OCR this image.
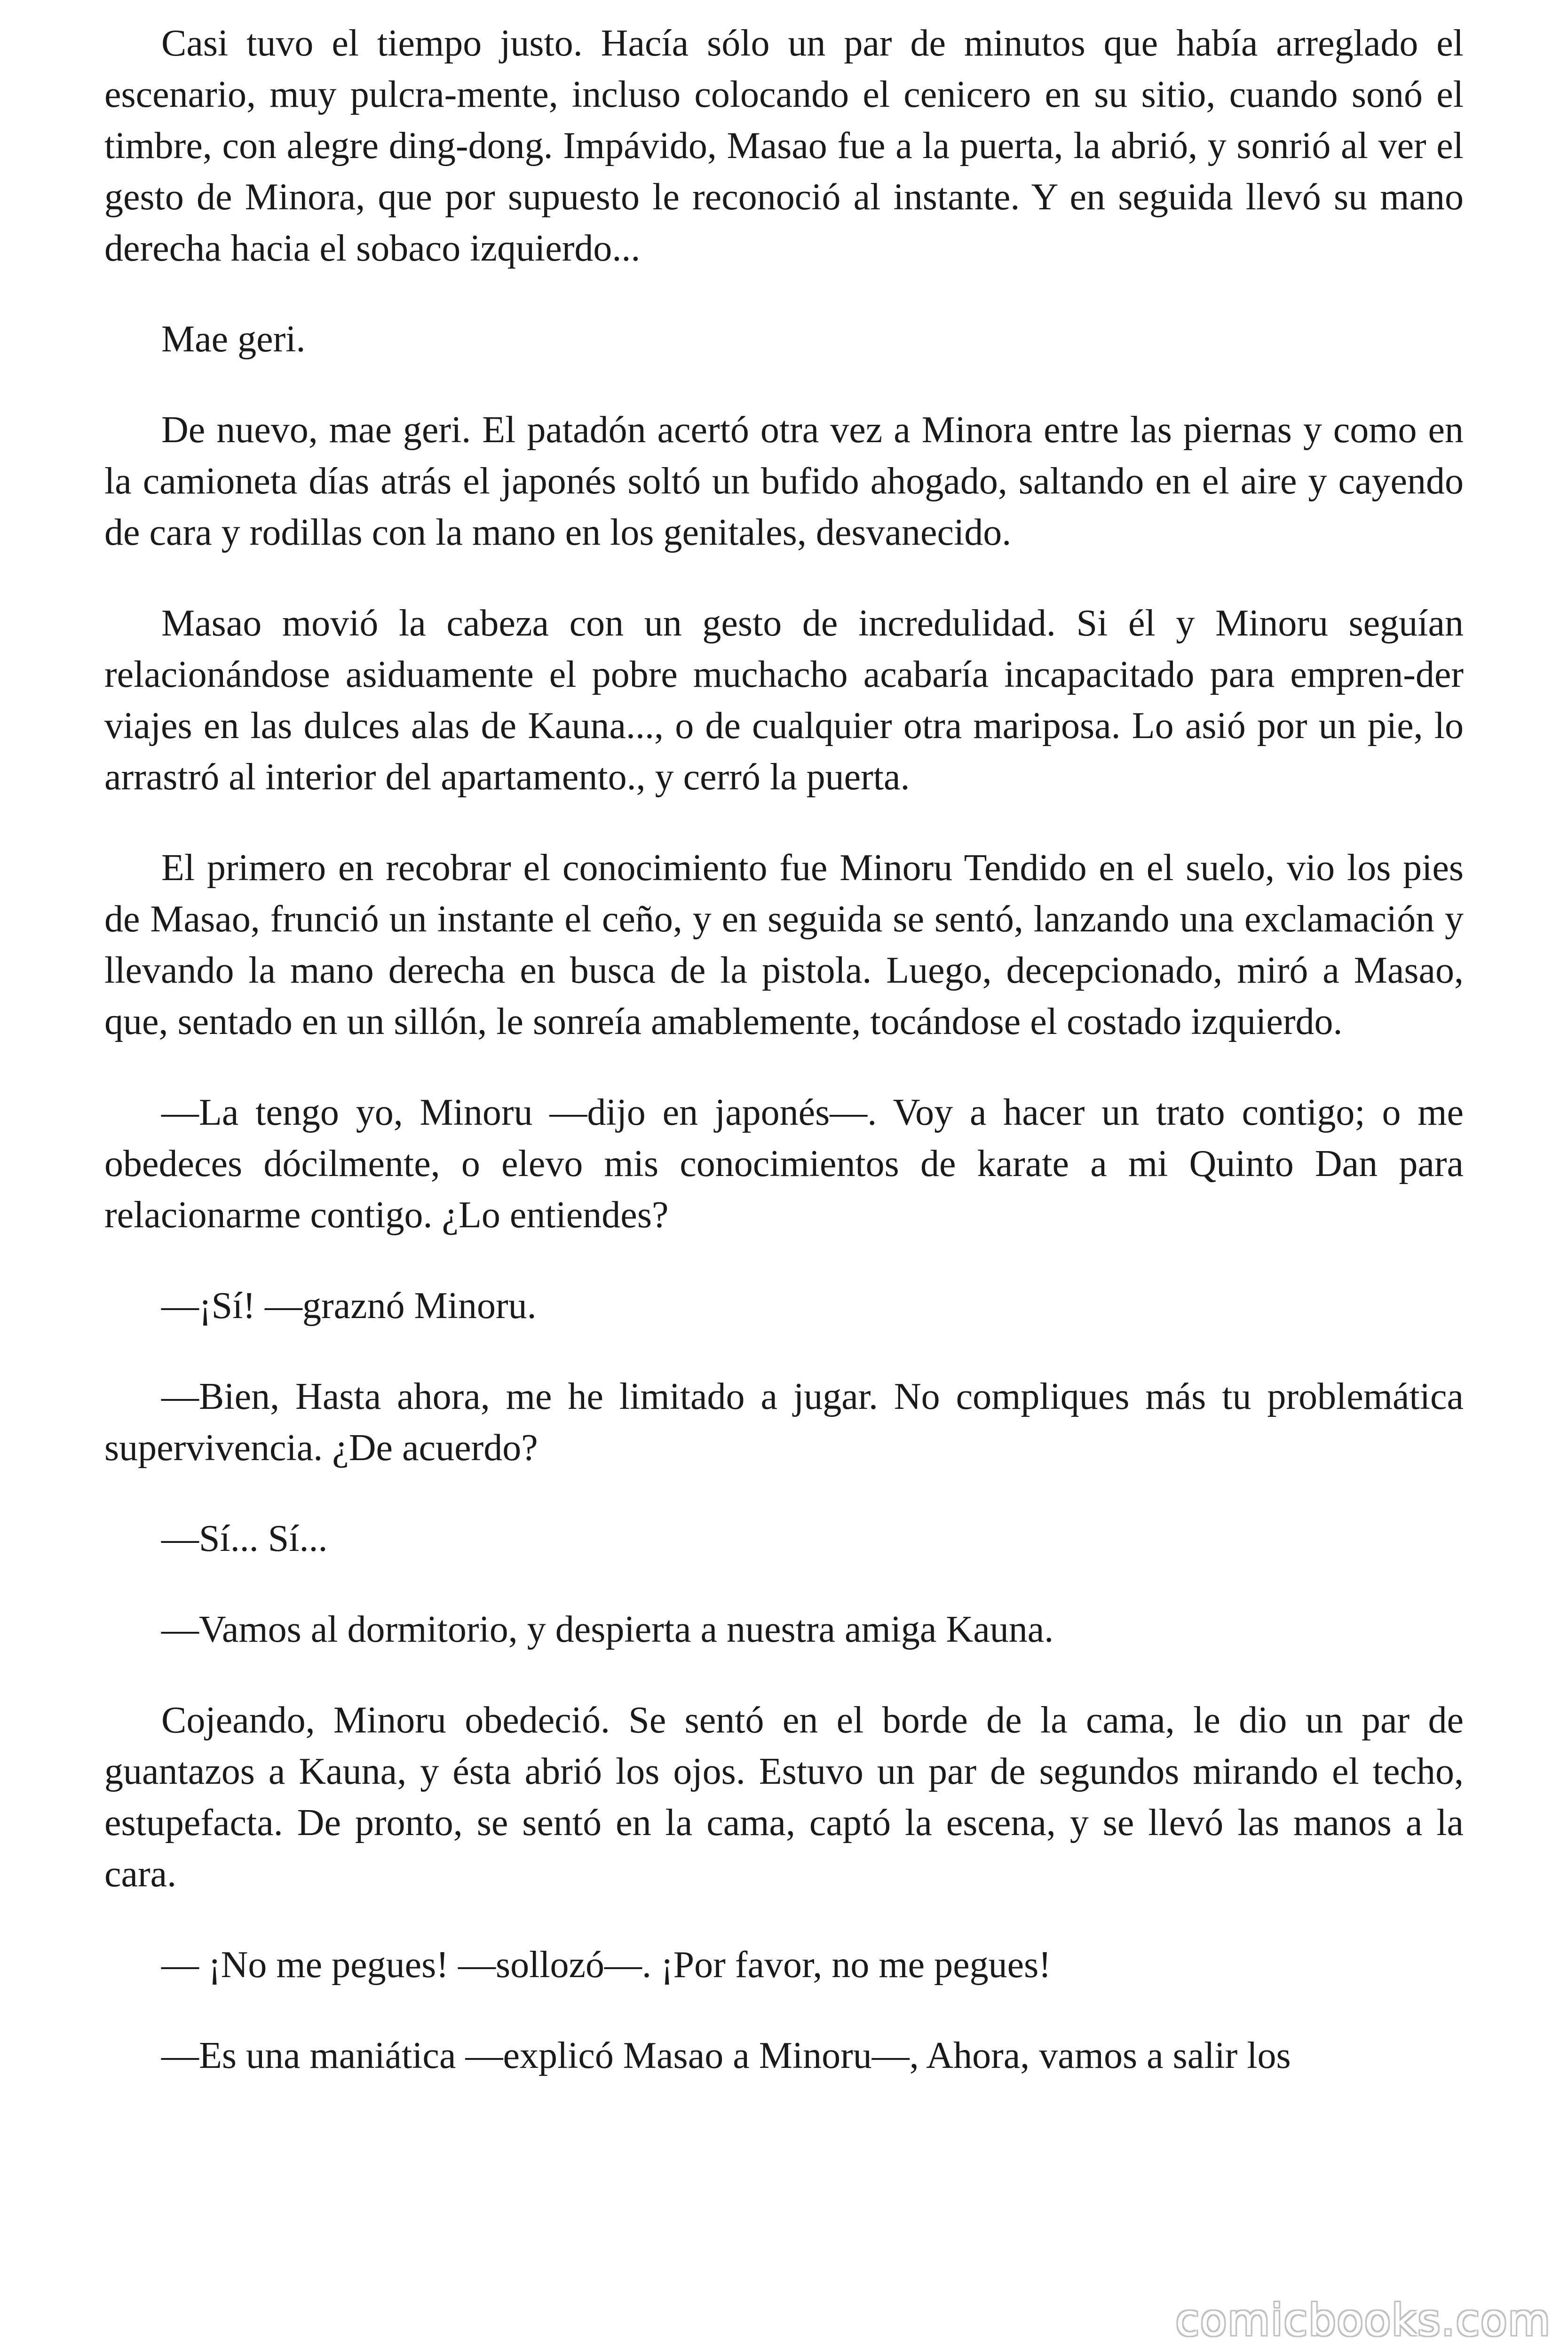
Casi tuvo el tiempo justo. Hacía sólo un par de minutos que había arreglado el escenario, muy pulcra-mente, incluso colocando el cenicero en su sitio, cuando sonó el timbre, con alegre ding-dong. Impávido, Masao fue a la puerta, la abrió, y sonrió al ver el gesto de Minora, que por supuesto le reconoció al instante. Y en seguida llevó su mano derecha hacia el sobaco izquierdo...

Mae geri.

De nuevo, mae geri. El patadón acertó otra vez a Minora entre las piernas y como en la camioneta días atrás el japonés soltó un bufido ahogado, saltando en el aire y cayendo de cara y rodillas con la mano en los genitales, desvanecido.

Masao movió la cabeza con un gesto de incredulidad. Si él y Minoru seguían relacionándose asiduamente el pobre muchacho acabaría incapacitado para empren-der viajes en las dulces alas de Kauna..., o de cualquier otra mariposa. Lo asió por un pie, lo arrastró al interior del apartamento., y cerró la puerta.

El primero en recobrar el conocimiento fue Minoru Tendido en el suelo, vio los pies de Masao, frunció un instante el ceño, y en seguida se sentó, lanzando una exclamación y llevando la mano derecha en busca de la pistola. Luego, decepcionado, miró a Masao, que, sentado en un sillón, le sonreía amablemente, tocándose el costado izquierdo.

—La tengo yo, Minoru —dijo en japonés—. Voy a hacer un trato contigo; o me obedeces dócilmente, o elevo mis conocimientos de karate a mi Quinto Dan para relacionarme contigo. ¿Lo entiendes?

—¡Sí! —graznó Minoru.

—Bien, Hasta ahora, me he limitado a jugar. No compliques más tu problemática supervivencia. ¿De acuerdo?

—Sí... Sí...

—Vamos al dormitorio, y despierta a nuestra amiga Kauna.

Cojeando, Minoru obedeció. Se sentó en el borde de la cama, le dio un par de guantazos a Kauna, y ésta abrió los ojos. Estuvo un par de segundos mirando el techo, estupefacta. De pronto, se sentó en la cama, captó la escena, y se llevó las manos a la cara.

— ¡No me pegues! —sollozó—. ¡Por favor, no me pegues!

—Es una maniática —explicó Masao a Minoru—, Ahora, vamos a salir los

comicbooks.com
